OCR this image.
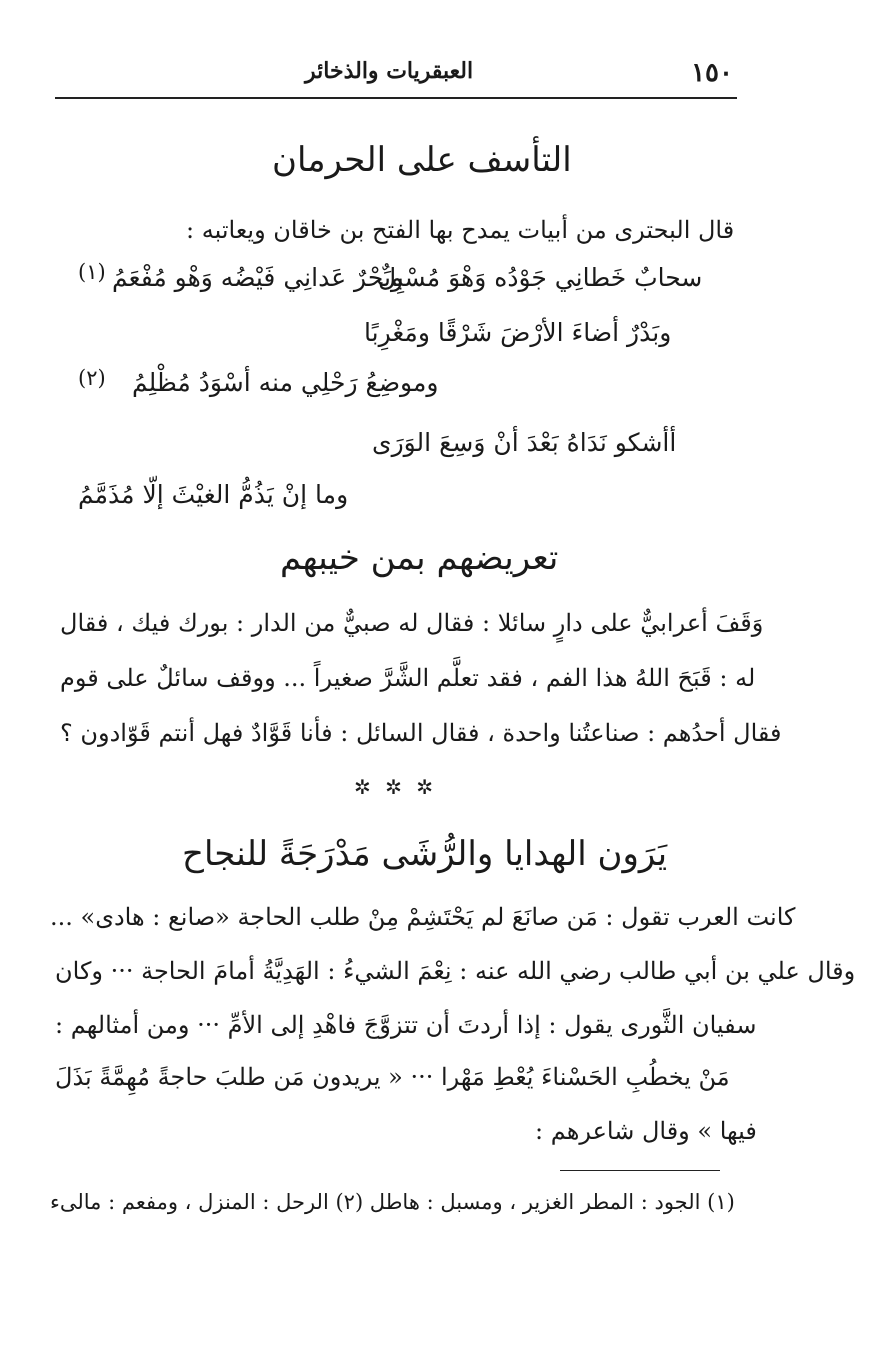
١٥٠
العبقريات والذخائر
التأسف على الحرمان
قال البحترى من أبيات يمدح بها الفتح بن خاقان ويعاتبه :
سحابٌ خَطانِي جَوْدُه وَهْوَ مُسْبِلٌ
وبَحْرٌ عَدانِي فَيْضُه وَهْو مُفْعَمُ
(١)
وبَدْرٌ أضاءَ الأرْضَ شَرْقًا ومَغْرِبًا
وموضِعُ رَحْلِي منه أسْوَدُ مُظْلِمُ
(٢)
أأشكو نَدَاهُ بَعْدَ أنْ وَسِعَ الوَرَى
وما إنْ يَذُمُّ الغيْثَ إلّا مُذَمَّمُ
تعريضهم بمن خيبهم
وَقَفَ أعرابيٌّ على دارٍ سائلا : فقال له صبيٌّ من الدار : بورك فيك ، فقال
له : قَبَحَ اللهُ هذا الفم ، فقد تعلَّم الشَّرَّ صغيراً ... ووقف سائلٌ على قوم
فقال أحدُهم : صناعتُنا واحدة ، فقال السائل : فأنا قَوَّادٌ فهل أنتم قَوّادون ؟
✲ ✲ ✲
يَرَون الهدايا والرُّشَى مَدْرَجَةً للنجاح
كانت العرب تقول : مَن صانَعَ لم يَحْتَشِمْ مِنْ طلب الحاجة «صانع : هادى» ...
وقال علي بن أبي طالب رضي الله عنه : نِعْمَ الشيءُ : الهَدِيَّةُ أمامَ الحاجة ··· وكان
سفيان الثَّورى يقول : إذا أردتَ أن تتزوَّجَ فاهْدِ إلى الأمِّ ··· ومن أمثالهم :
مَنْ يخطُبِ الحَسْناءَ يُعْطِ مَهْرا ··· « يريدون مَن طلبَ حاجةً مُهِمَّةً بَذَلَ
فيها » وقال شاعرهم :
(١) الجود : المطر الغزير ، ومسبل : هاطل (٢) الرحل : المنزل ، ومفعم : مالىء
